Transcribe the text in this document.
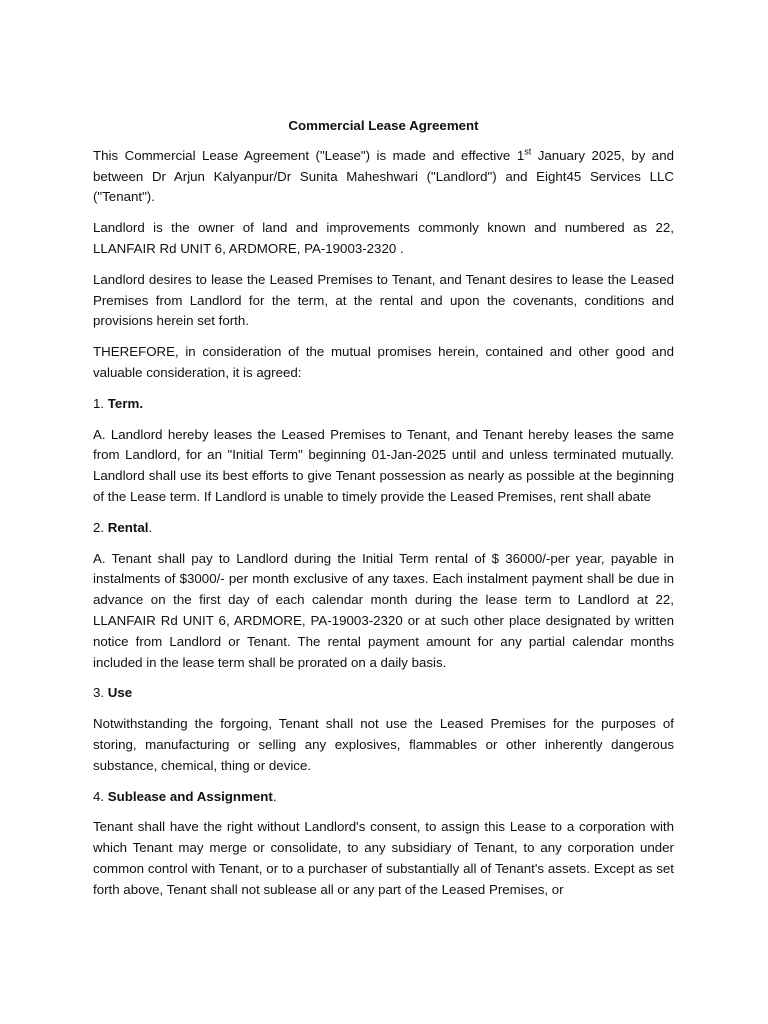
Commercial Lease Agreement

This Commercial Lease Agreement ("Lease") is made and effective 1st January 2025, by and between Dr Arjun Kalyanpur/Dr Sunita Maheshwari ("Landlord") and Eight45 Services LLC ("Tenant").

Landlord is the owner of land and improvements commonly known and numbered as 22, LLANFAIR Rd UNIT 6, ARDMORE, PA-19003-2320 .

Landlord desires to lease the Leased Premises to Tenant, and Tenant desires to lease the Leased Premises from Landlord for the term, at the rental and upon the covenants, conditions and provisions herein set forth.

THEREFORE, in consideration of the mutual promises herein, contained and other good and valuable consideration, it is agreed:

1. Term.

A. Landlord hereby leases the Leased Premises to Tenant, and Tenant hereby leases the same from Landlord, for an "Initial Term" beginning 01-Jan-2025 until and unless terminated mutually. Landlord shall use its best efforts to give Tenant possession as nearly as possible at the beginning of the Lease term. If Landlord is unable to timely provide the Leased Premises, rent shall abate

2. Rental.

A. Tenant shall pay to Landlord during the Initial Term rental of $ 36000/-per year, payable in instalments of $3000/- per month exclusive of any taxes. Each instalment payment shall be due in advance on the first day of each calendar month during the lease term to Landlord at 22, LLANFAIR Rd UNIT 6, ARDMORE, PA-19003-2320 or at such other place designated by written notice from Landlord or Tenant. The rental payment amount for any partial calendar months included in the lease term shall be prorated on a daily basis.

3. Use

Notwithstanding the forgoing, Tenant shall not use the Leased Premises for the purposes of storing, manufacturing or selling any explosives, flammables or other inherently dangerous substance, chemical, thing or device.

4. Sublease and Assignment.

Tenant shall have the right without Landlord's consent, to assign this Lease to a corporation with which Tenant may merge or consolidate, to any subsidiary of Tenant, to any corporation under common control with Tenant, or to a purchaser of substantially all of Tenant's assets. Except as set forth above, Tenant shall not sublease all or any part of the Leased Premises, or
